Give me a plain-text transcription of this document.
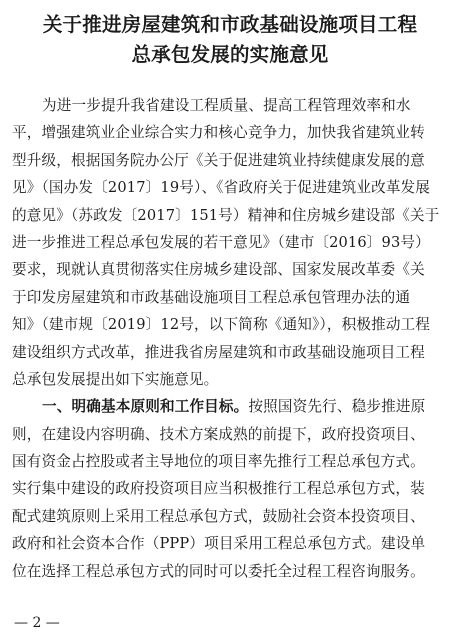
关于推进房屋建筑和市政基础设施项目工程
总承包发展的实施意见
为进一步提升我省建设工程质量、提高工程管理效率和水
平，增强建筑业企业综合实力和核心竞争力，加快我省建筑业转
型升级，根据国务院办公厅《关于促进建筑业持续健康发展的意
见》（国办发〔2017〕19号）、《省政府关于促进建筑业改革发展
的意见》（苏政发〔2017〕151号）精神和住房城乡建设部《关于
进一步推进工程总承包发展的若干意见》（建市〔2016〕93号）
要求，现就认真贯彻落实住房城乡建设部、国家发展改革委《关
于印发房屋建筑和市政基础设施项目工程总承包管理办法的通
知》（建市规〔2019〕12号，以下简称《通知》），积极推动工程
建设组织方式改革，推进我省房屋建筑和市政基础设施项目工程
总承包发展提出如下实施意见。
一、明确基本原则和工作目标。按照国资先行、稳步推进原
则，在建设内容明确、技术方案成熟的前提下，政府投资项目、
国有资金占控股或者主导地位的项目率先推行工程总承包方式。
实行集中建设的政府投资项目应当积极推行工程总承包方式，装
配式建筑原则上采用工程总承包方式，鼓励社会资本投资项目、
政府和社会资本合作（PPP）项目采用工程总承包方式。建设单
位在选择工程总承包方式的同时可以委托全过程工程咨询服务。
— 2 —
